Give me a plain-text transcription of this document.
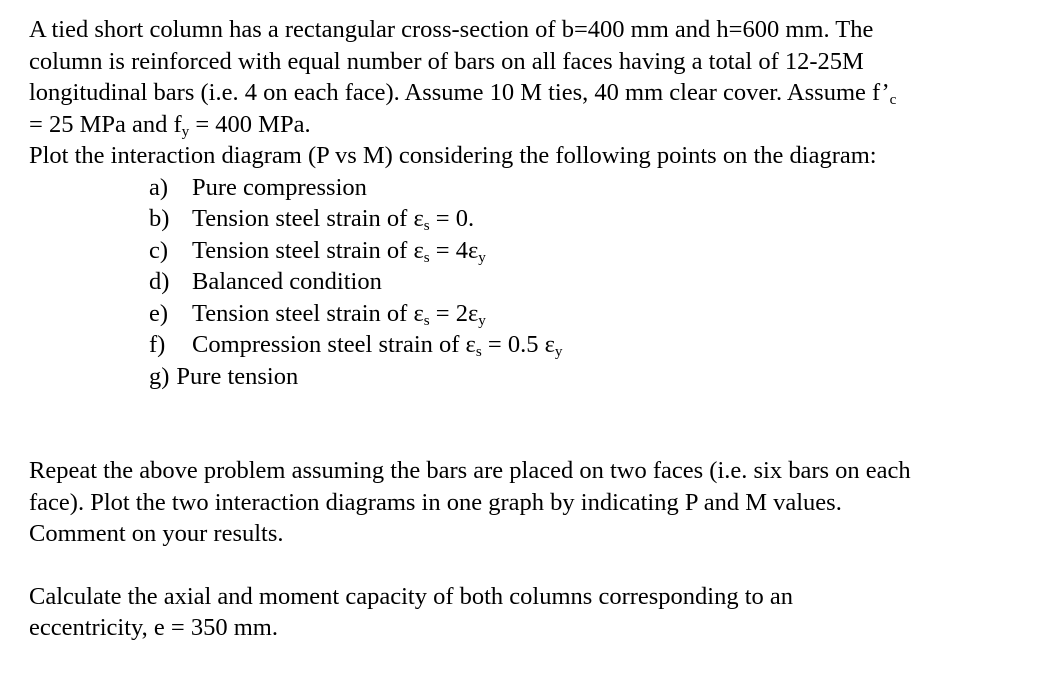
A tied short column has a rectangular cross-section of b=400 mm and h=600 mm. The
column is reinforced with equal number of bars on all faces having a total of 12-25M
longitudinal bars (i.e. 4 on each face). Assume 10 M ties, 40 mm clear cover. Assume $f’_c$
= 25 MPa and $f_y = 400$ MPa.
Plot the interaction diagram (P vs M) considering the following points on the diagram:

a) Pure compression
b) Tension steel strain of $\varepsilon_s = 0$.
c) Tension steel strain of $\varepsilon_s = 4\varepsilon_y$
d) Balanced condition
e) Tension steel strain of $\varepsilon_s = 2\varepsilon_y$
f) Compression steel strain of $\varepsilon_s = 0.5$ $\varepsilon_y$
g) Pure tension

Repeat the above problem assuming the bars are placed on two faces (i.e. six bars on each
face). Plot the two interaction diagrams in one graph by indicating P and M values.
Comment on your results.

Calculate the axial and moment capacity of both columns corresponding to an
eccentricity, e = 350 mm.
